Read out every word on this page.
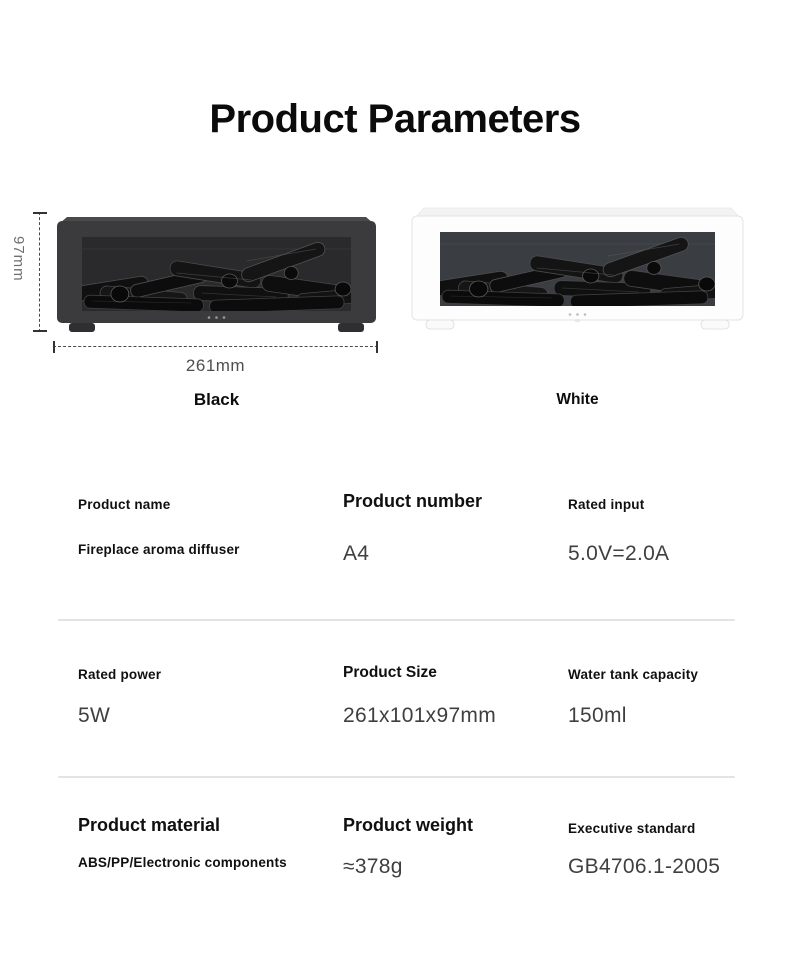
Product Parameters
97mm
261mm
Black	White
Product name
Fireplace aroma diffuser
Product number
A4
Rated input
5.0V=2.0A
Rated power
5W
Product Size
261x101x97mm
Water tank capacity
150ml
Product material
ABS/PP/Electronic components
Product weight
≈378g
Executive standard
GB4706.1-2005
